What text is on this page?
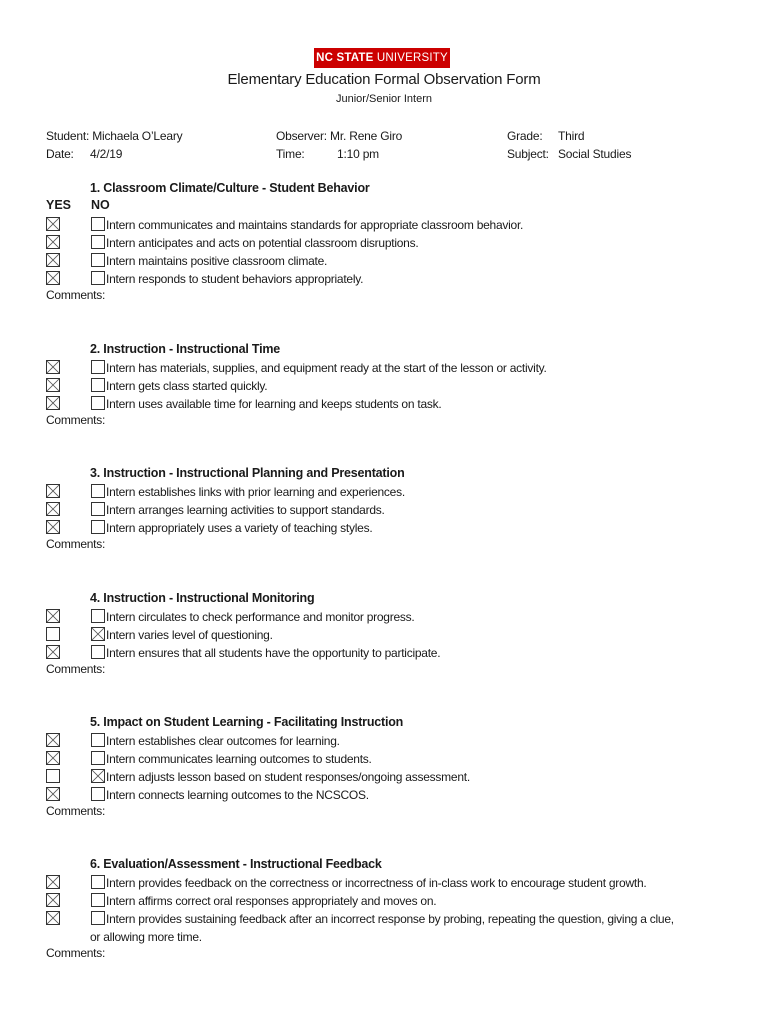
NC STATE UNIVERSITY
Elementary Education Formal Observation Form
Junior/Senior Intern
Student: Michaela O’Leary
Date: 4/2/19
Observer: Mr. Rene Giro
Time:	1:10 pm
Grade: Third
Subject: Social Studies
YES NO
1. Classroom Climate/Culture - Student Behavior
Intern communicates and maintains standards for appropriate classroom behavior.
Intern anticipates and acts on potential classroom disruptions.
Intern maintains positive classroom climate.
Intern responds to student behaviors appropriately.
Comments:
2. Instruction - Instructional Time
Intern has materials, supplies, and equipment ready at the start of the lesson or activity.
Intern gets class started quickly.
Intern uses available time for learning and keeps students on task.
Comments:
3. Instruction - Instructional Planning and Presentation
Intern establishes links with prior learning and experiences.
Intern arranges learning activities to support standards.
Intern appropriately uses a variety of teaching styles.
Comments:
4. Instruction - Instructional Monitoring
Intern circulates to check performance and monitor progress.
Intern varies level of questioning.
Intern ensures that all students have the opportunity to participate.
Comments:
5. Impact on Student Learning - Facilitating Instruction
Intern establishes clear outcomes for learning.
Intern communicates learning outcomes to students.
Intern adjusts lesson based on student responses/ongoing assessment.
Intern connects learning outcomes to the NCSCOS.
Comments:
6. Evaluation/Assessment - Instructional Feedback
Intern provides feedback on the correctness or incorrectness of in-class work to encourage student growth.
Intern affirms correct oral responses appropriately and moves on.
Intern provides sustaining feedback after an incorrect response by probing, repeating the question, giving a clue,
or allowing more time.
Comments:
